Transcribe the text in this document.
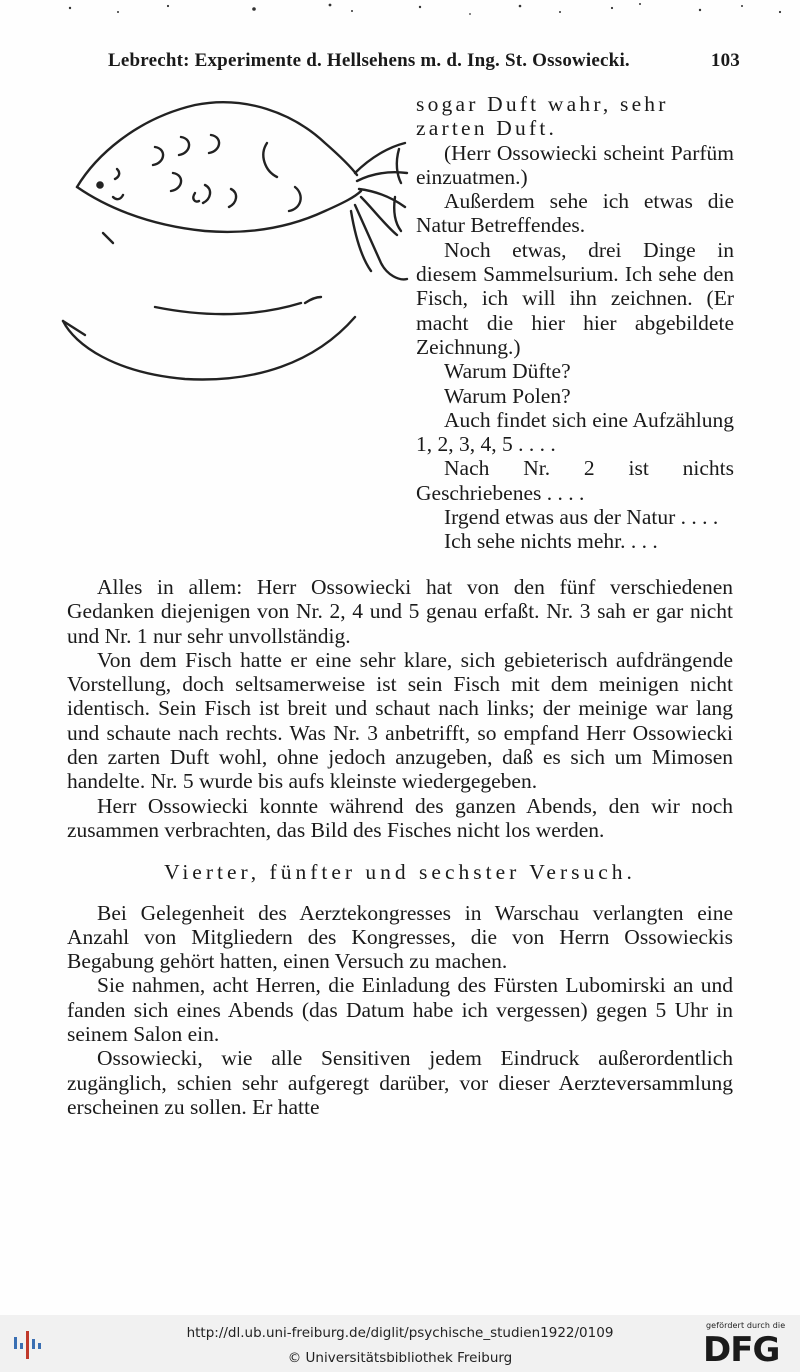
Lebrecht: Experimente d. Hellsehens m. d. Ing. St. Ossowiecki.	103

sogar Duft wahr, sehr

zarten Duft.

(Herr Ossowiecki scheint Parfüm einzuatmen.)

Außerdem sehe ich etwas die Natur Betreffendes.

Noch etwas, drei Dinge in diesem Sammelsurium. Ich sehe den Fisch, ich will ihn zeichnen. (Er macht die hier hier abgebildete Zeichnung.)

Warum Düfte?

Warum Polen?

Auch findet sich eine Aufzählung 1, 2, 3, 4, 5 . . . .

Nach Nr. 2 ist nichts Geschriebenes . . . .

Irgend etwas aus der Natur . . . .

Ich sehe nichts mehr. . . .

Alles in allem: Herr Ossowiecki hat von den fünf verschiedenen Gedanken diejenigen von Nr. 2, 4 und 5 genau erfaßt. Nr. 3 sah er gar nicht und Nr. 1 nur sehr unvollständig.

Von dem Fisch hatte er eine sehr klare, sich gebieterisch aufdrängende Vorstellung, doch seltsamerweise ist sein Fisch mit dem meinigen nicht identisch. Sein Fisch ist breit und schaut nach links; der meinige war lang und schaute nach rechts. Was Nr. 3 anbetrifft, so empfand Herr Ossowiecki den zarten Duft wohl, ohne jedoch anzugeben, daß es sich um Mimosen handelte. Nr. 5 wurde bis aufs kleinste wiedergegeben.

Herr Ossowiecki konnte während des ganzen Abends, den wir noch zusammen verbrachten, das Bild des Fisches nicht los werden.

Vierter, fünfter und sechster Versuch.

Bei Gelegenheit des Aerztekongresses in Warschau verlangten eine Anzahl von Mitgliedern des Kongresses, die von Herrn Ossowieckis Begabung gehört hatten, einen Versuch zu machen.

Sie nahmen, acht Herren, die Einladung des Fürsten Lubomirski an und fanden sich eines Abends (das Datum habe ich vergessen) gegen 5 Uhr in seinem Salon ein.

Ossowiecki, wie alle Sensitiven jedem Eindruck außerordentlich zugänglich, schien sehr aufgeregt darüber, vor dieser Aerzteversammlung erscheinen zu sollen. Er hatte

http://dl.ub.uni-freiburg.de/diglit/psychische_studien1922/0109
© Universitätsbibliothek Freiburg
gefördert durch die
DFG
